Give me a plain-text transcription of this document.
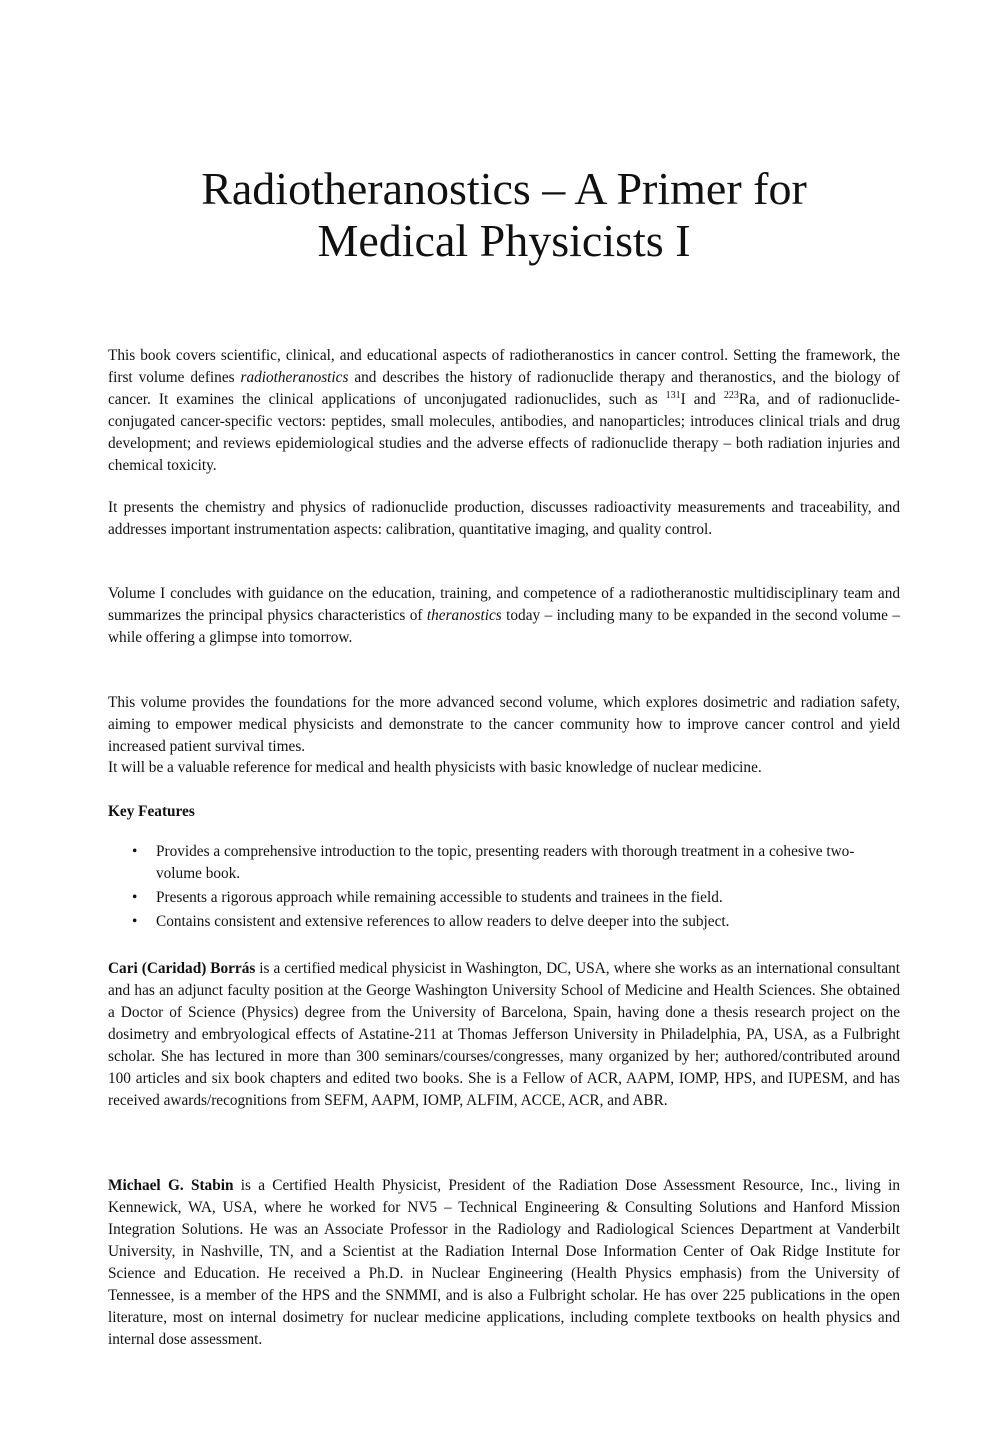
Radiotheranostics – A Primer for
Medical Physicists I

This book covers scientific, clinical, and educational aspects of radiotheranostics in cancer control. Setting the framework, the first volume defines radiotheranostics and describes the history of radionuclide therapy and theranostics, and the biology of cancer. It examines the clinical applications of unconjugated radionuclides, such as $^{131}$I and $^{223}$Ra, and of radionuclide-conjugated cancer-specific vectors: peptides, small molecules, antibodies, and nanoparticles; introduces clinical trials and drug development; and reviews epidemiological studies and the adverse effects of radionuclide therapy – both radiation injuries and chemical toxicity.

It presents the chemistry and physics of radionuclide production, discusses radioactivity measurements and traceability, and addresses important instrumentation aspects: calibration, quantitative imaging, and quality control.

Volume I concludes with guidance on the education, training, and competence of a radiotheranostic multidisciplinary team and summarizes the principal physics characteristics of theranostics today – including many to be expanded in the second volume – while offering a glimpse into tomorrow.

This volume provides the foundations for the more advanced second volume, which explores dosimetric and radiation safety, aiming to empower medical physicists and demonstrate to the cancer community how to improve cancer control and yield increased patient survival times.

It will be a valuable reference for medical and health physicists with basic knowledge of nuclear medicine.

Key Features

• Provides a comprehensive introduction to the topic, presenting readers with thorough treatment in a cohesive two-volume book.
• Presents a rigorous approach while remaining accessible to students and trainees in the field.
• Contains consistent and extensive references to allow readers to delve deeper into the subject.

Cari (Caridad) Borrás is a certified medical physicist in Washington, DC, USA, where she works as an international consultant and has an adjunct faculty position at the George Washington University School of Medicine and Health Sciences. She obtained a Doctor of Science (Physics) degree from the University of Barcelona, Spain, having done a thesis research project on the dosimetry and embryological effects of Astatine-211 at Thomas Jefferson University in Philadelphia, PA, USA, as a Fulbright scholar. She has lectured in more than 300 seminars/courses/congresses, many organized by her; authored/contributed around 100 articles and six book chapters and edited two books. She is a Fellow of ACR, AAPM, IOMP, HPS, and IUPESM, and has received awards/recognitions from SEFM, AAPM, IOMP, ALFIM, ACCE, ACR, and ABR.

Michael G. Stabin is a Certified Health Physicist, President of the Radiation Dose Assessment Resource, Inc., living in Kennewick, WA, USA, where he worked for NV5 – Technical Engineering & Consulting Solutions and Hanford Mission Integration Solutions. He was an Associate Professor in the Radiology and Radiological Sciences Department at Vanderbilt University, in Nashville, TN, and a Scientist at the Radiation Internal Dose Information Center of Oak Ridge Institute for Science and Education. He received a Ph.D. in Nuclear Engineering (Health Physics emphasis) from the University of Tennessee, is a member of the HPS and the SNMMI, and is also a Fulbright scholar. He has over 225 publications in the open literature, most on internal dosimetry for nuclear medicine applications, including complete textbooks on health physics and internal dose assessment.
